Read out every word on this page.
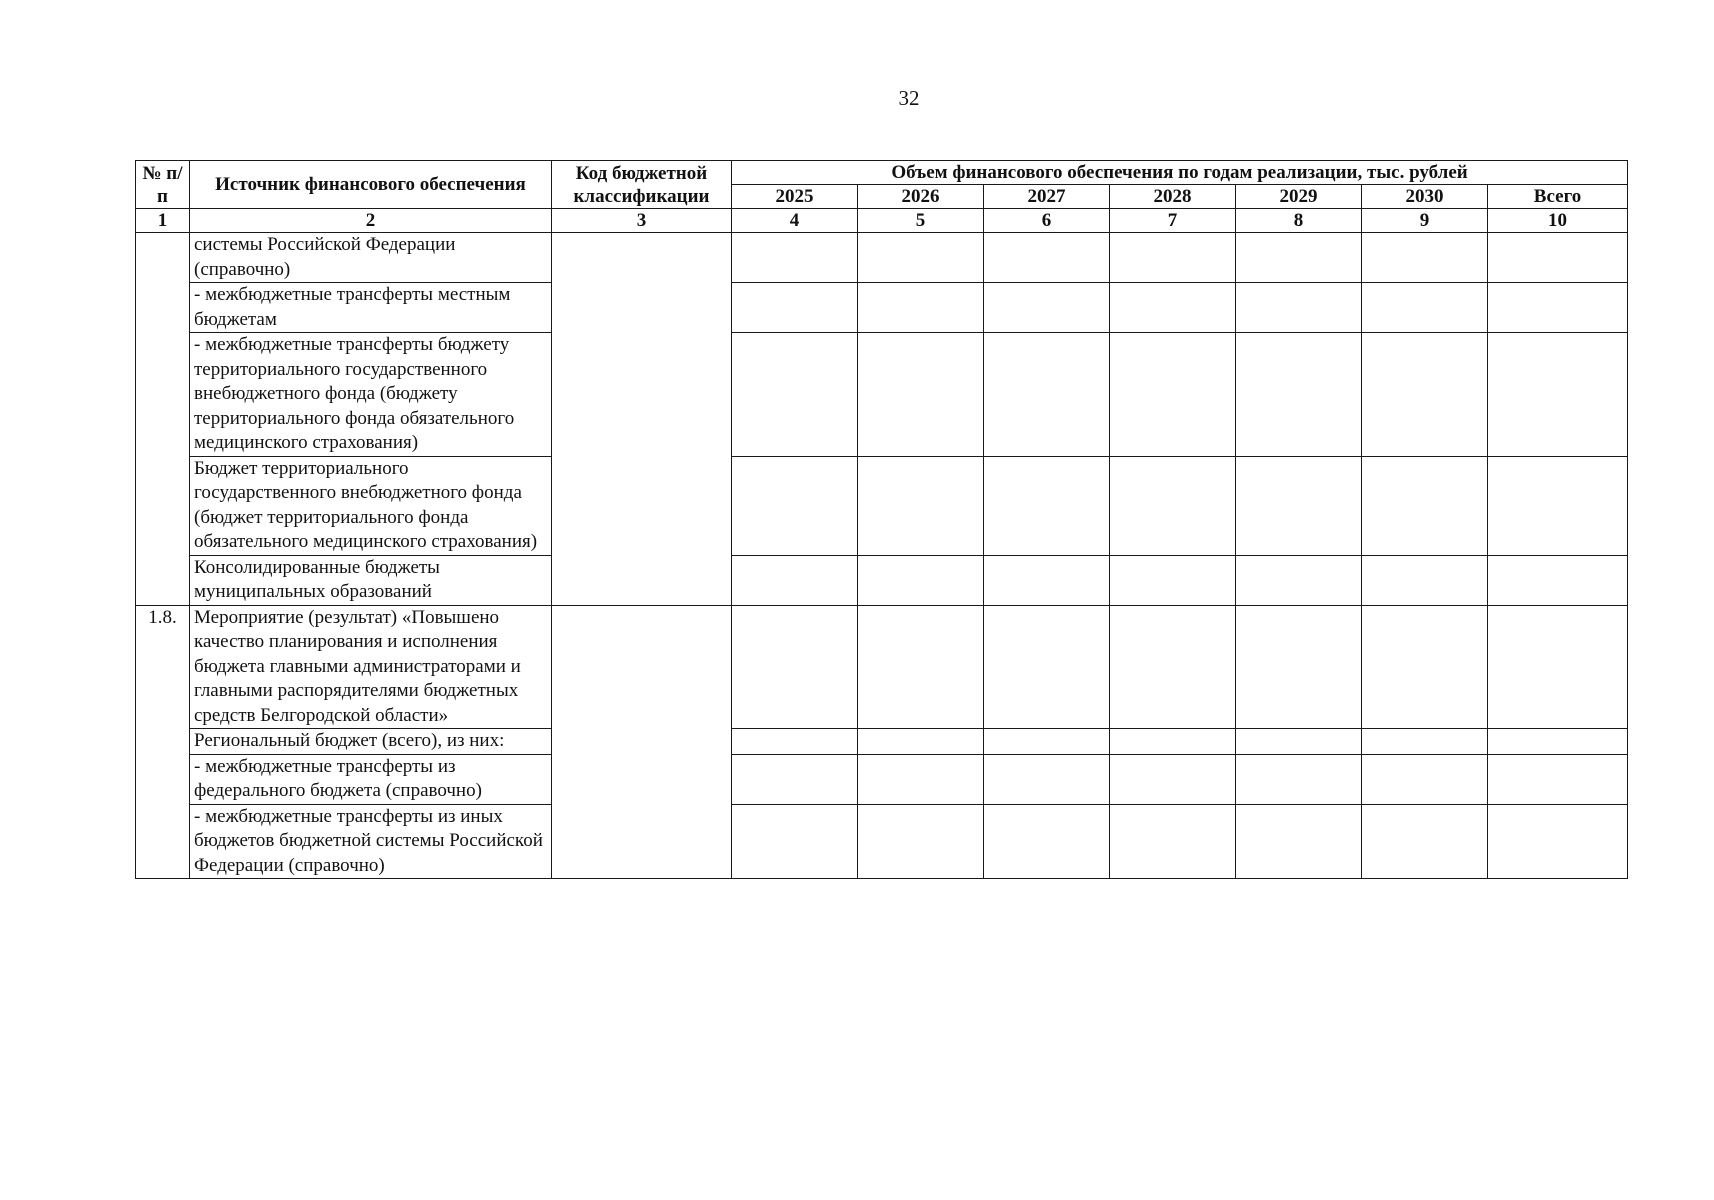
32
№ п/п	Источник финансового обеспечения	Код бюджетной классификации	Объем финансового обеспечения по годам реализации, тыс. рублей						
			2025	2026	2027	2028	2029	2030	Всего
1	2	3	4	5	6	7	8	9	10
	системы Российской Федерации (справочно)								
	- межбюджетные трансферты местным бюджетам								
	- межбюджетные трансферты бюджету территориального государственного внебюджетного фонда (бюджету территориального фонда обязательного медицинского страхования)								
	Бюджет территориального государственного внебюджетного фонда (бюджет территориального фонда обязательного медицинского страхования)								
	Консолидированные бюджеты муниципальных образований								
1.8.	Мероприятие (результат) «Повышено качество планирования и исполнения бюджета главными администраторами и главными распорядителями бюджетных средств Белгородской области»								
	Региональный бюджет (всего), из них:								
	- межбюджетные трансферты из федерального бюджета (справочно)								
	- межбюджетные трансферты из иных бюджетов бюджетной системы Российской Федерации (справочно)								
